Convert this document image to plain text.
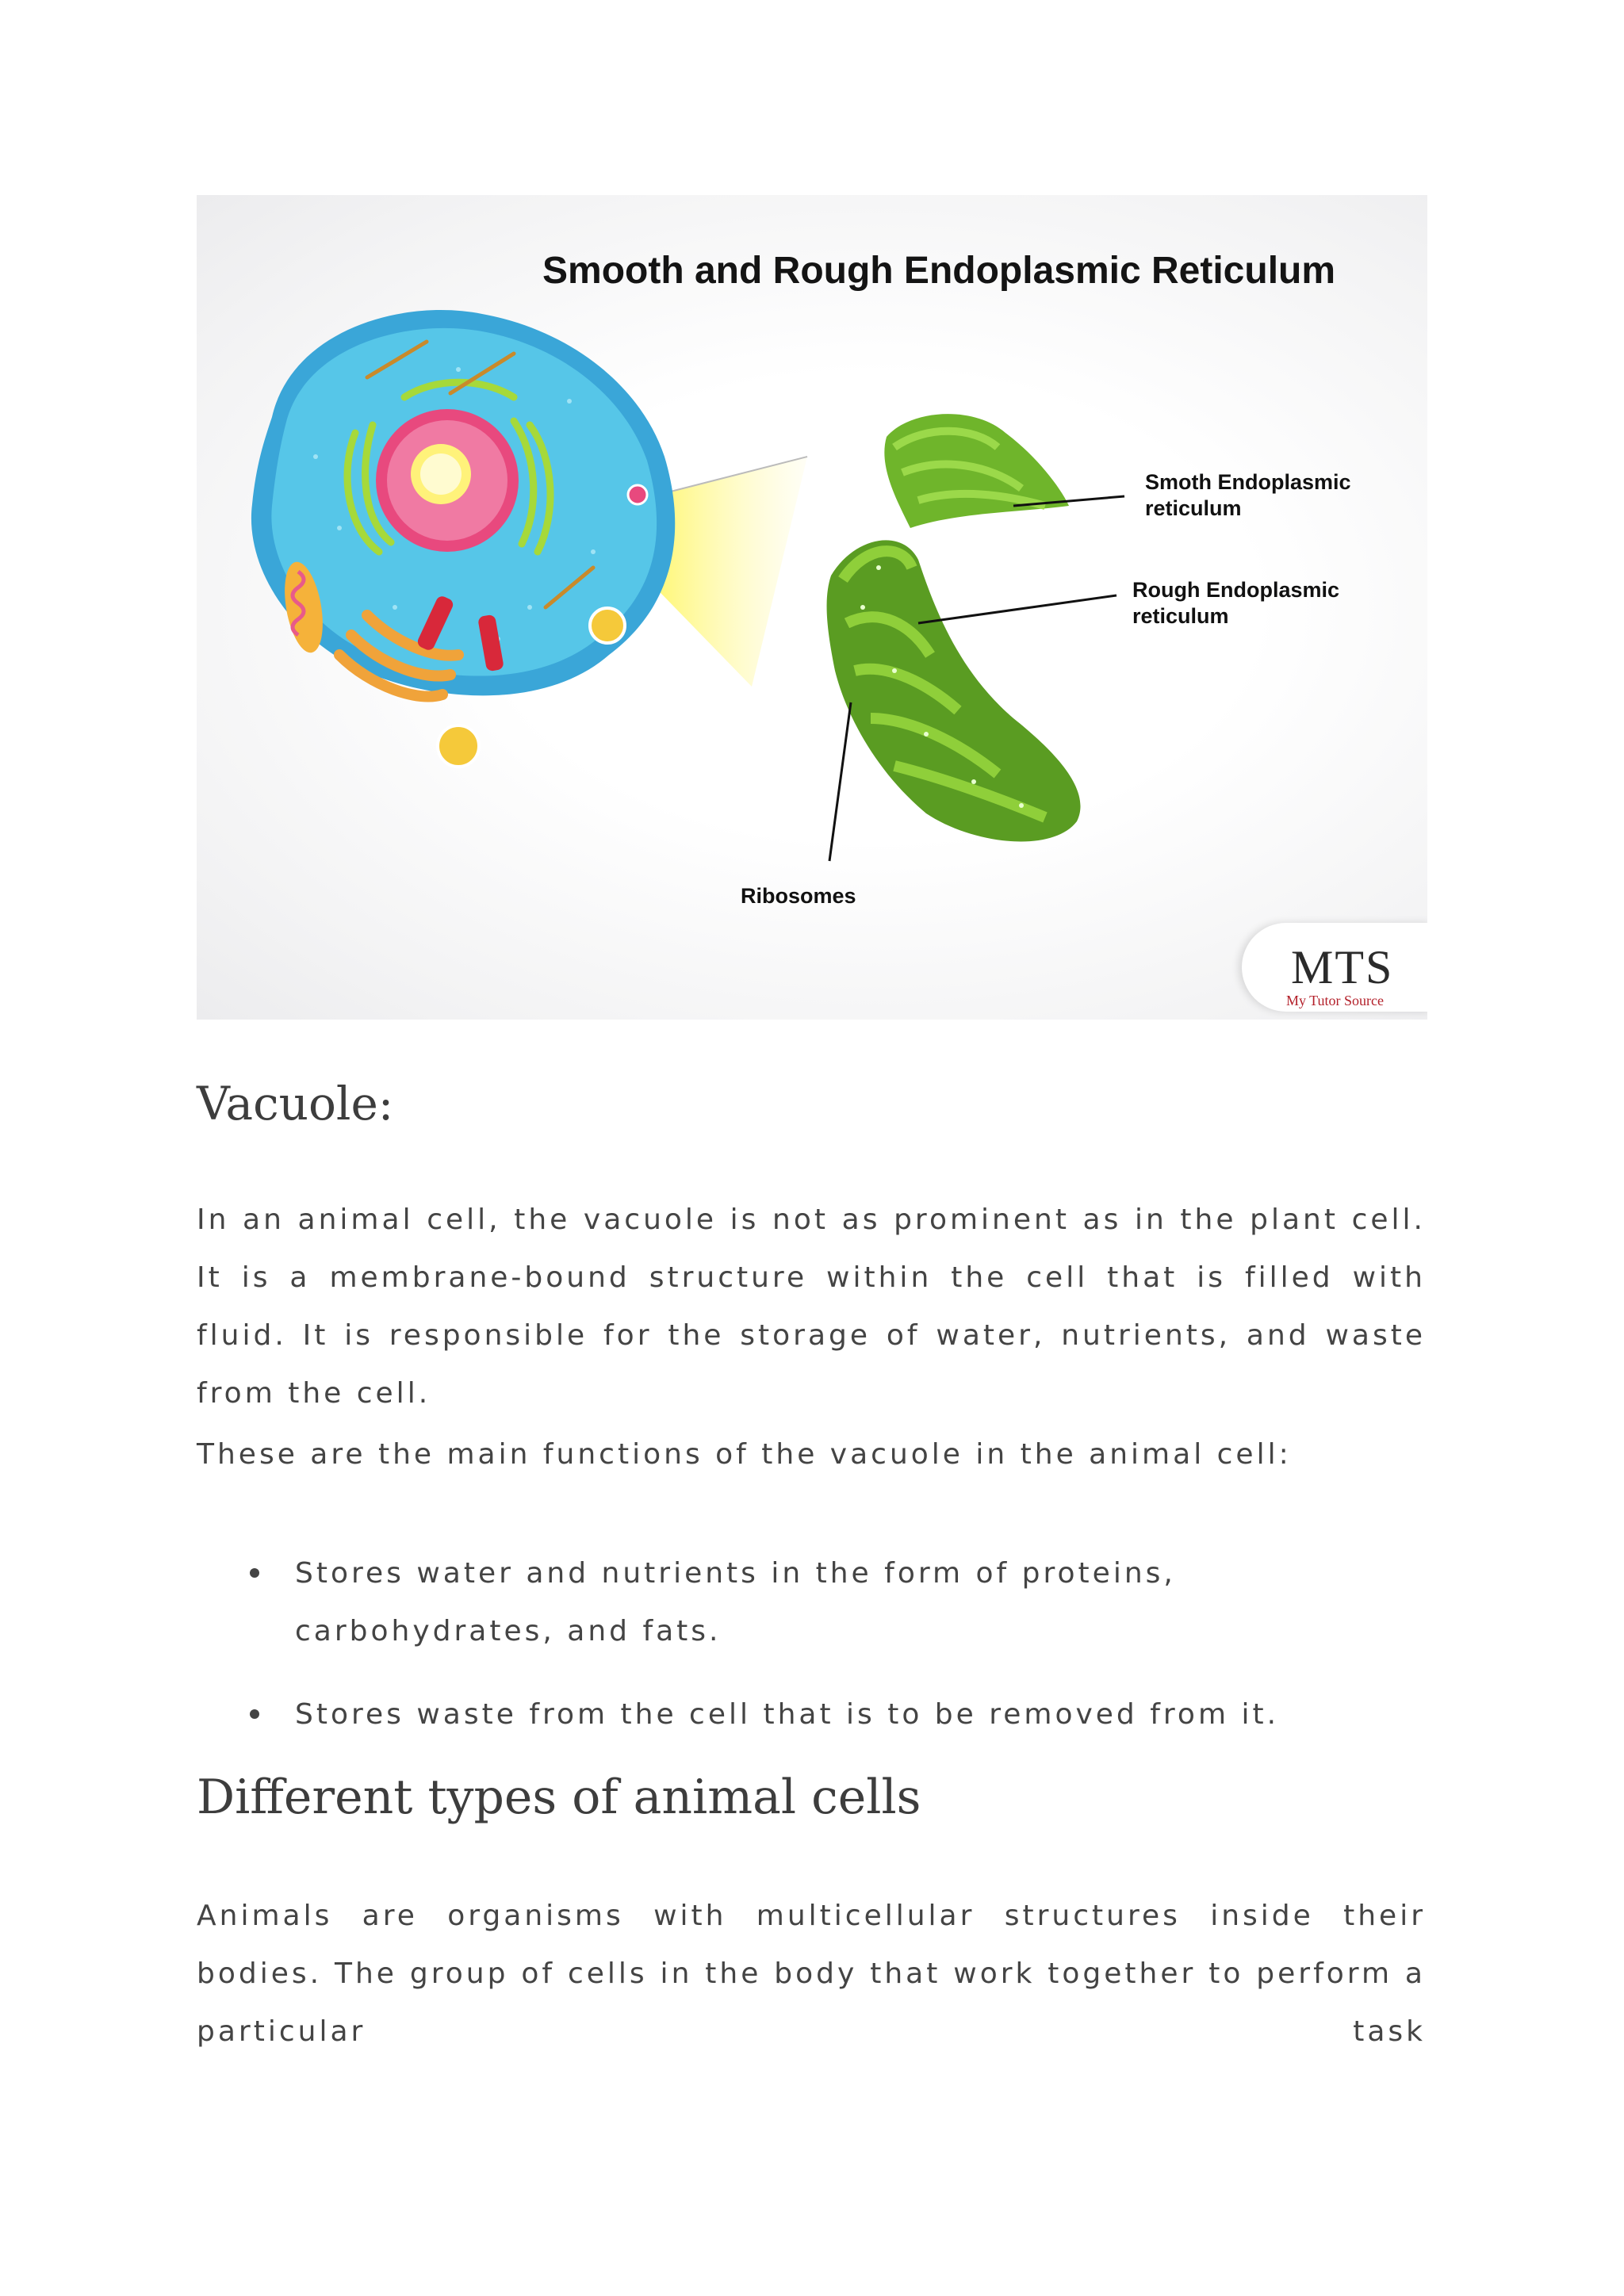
Smooth and Rough Endoplasmic Reticulum
Smoth Endoplasmic
reticulum
Rough Endoplasmic
reticulum
Ribosomes
MTS
My Tutor Source
Vacuole:

In an animal cell, the vacuole is not as prominent as in the plant cell. It is a membrane-bound structure within the cell that is filled with fluid. It is responsible for the storage of water, nutrients, and waste from the cell.

These are the main functions of the vacuole in the animal cell:

Stores water and nutrients in the form of proteins, carbohydrates, and fats.
Stores waste from the cell that is to be removed from it.
Different types of animal cells

Animals are organisms with multicellular structures inside their bodies. The group of cells in the body that work together to perform a particular task
